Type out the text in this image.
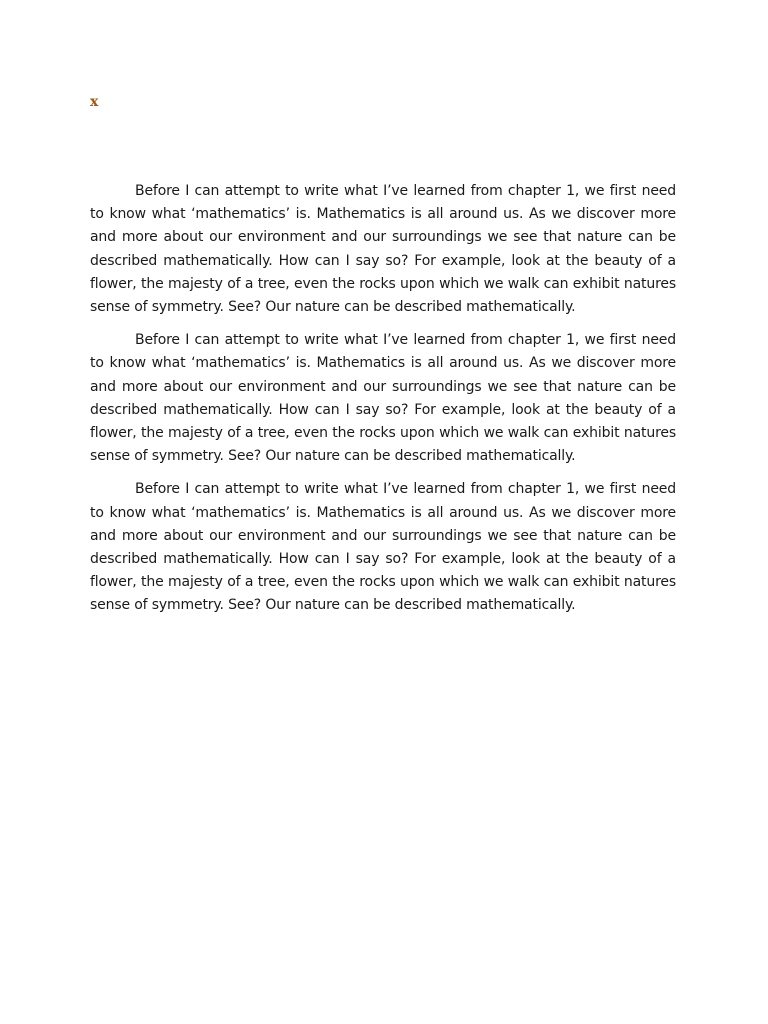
x

Before I can attempt to write what I’ve learned from chapter 1, we first need to know what ‘mathematics’ is. Mathematics is all around us. As we discover more and more about our environment and our surroundings we see that nature can be described mathematically. How can I say so? For example, look at the beauty of a flower, the majesty of a tree, even the rocks upon which we walk can exhibit natures sense of symmetry. See? Our nature can be described mathematically.

Before I can attempt to write what I’ve learned from chapter 1, we first need to know what ‘mathematics’ is. Mathematics is all around us. As we discover more and more about our environment and our surroundings we see that nature can be described mathematically. How can I say so? For example, look at the beauty of a flower, the majesty of a tree, even the rocks upon which we walk can exhibit natures sense of symmetry. See? Our nature can be described mathematically.

Before I can attempt to write what I’ve learned from chapter 1, we first need to know what ‘mathematics’ is. Mathematics is all around us. As we discover more and more about our environment and our surroundings we see that nature can be described mathematically. How can I say so? For example, look at the beauty of a flower, the majesty of a tree, even the rocks upon which we walk can exhibit natures sense of symmetry. See? Our nature can be described mathematically.
